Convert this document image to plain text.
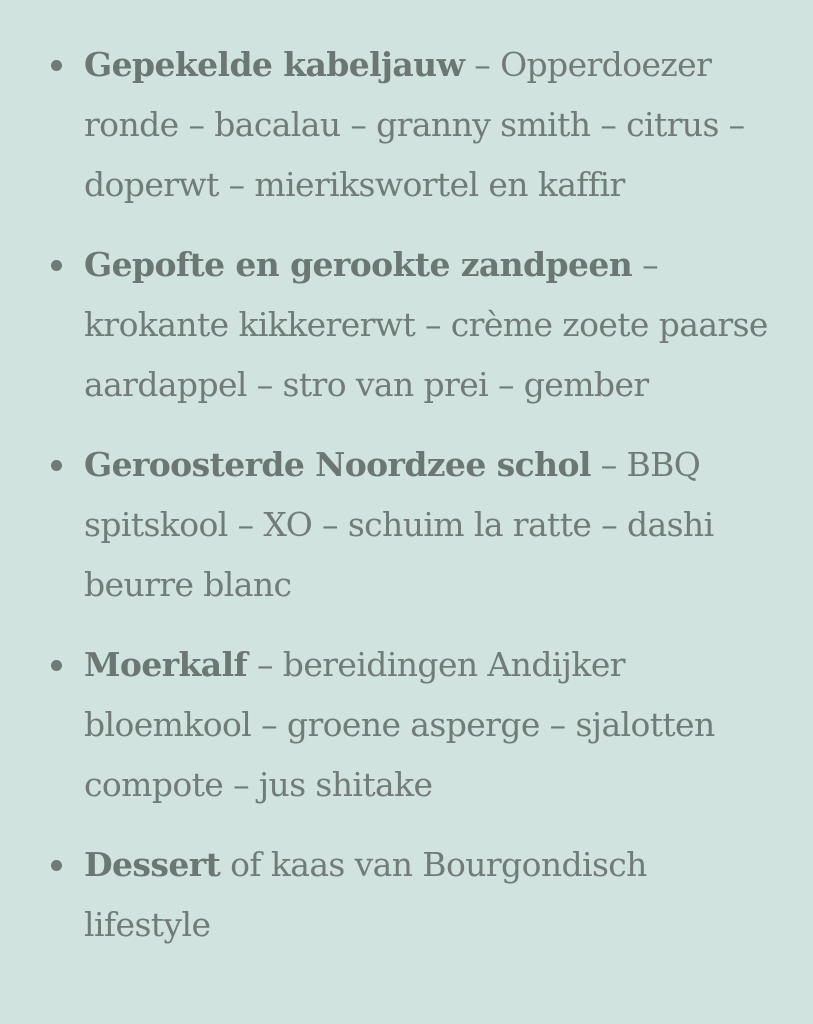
Gepekelde kabeljauw – Opperdoezer ronde – bacalau – granny smith – citrus – doperwt – mierikswortel en kaffir
Gepofte en gerookte zandpeen – krokante kikkererwt – crème zoete paarse aardappel – stro van prei – gember
Geroosterde Noordzee schol – BBQ spitskool – XO – schuim la ratte – dashi beurre blanc
Moerkalf – bereidingen Andijker bloemkool – groene asperge – sjalotten compote – jus shitake
Dessert of kaas van Bourgondisch lifestyle
